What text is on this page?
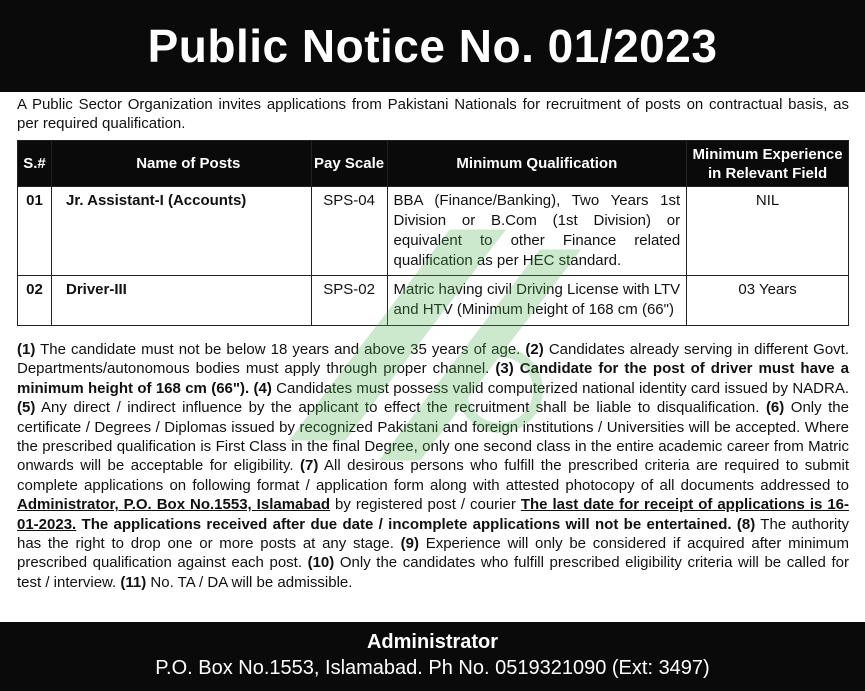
Public Notice No. 01/2023

A Public Sector Organization invites applications from Pakistani Nationals for recruitment of posts on contractual basis, as per required qualification.

S.#	Name of Posts	Pay Scale	Minimum Qualification	Minimum Experience in Relevant Field
01	Jr. Assistant-I (Accounts)	SPS-04	BBA (Finance/Banking), Two Years 1st Division or B.Com (1st Division) or equivalent to other Finance related qualification as per HEC standard.	NIL
02	Driver-III	SPS-02	Matric having civil Driving License with LTV and HTV (Minimum height of 168 cm (66")	03 Years

(1) The candidate must not be below 18 years and above 35 years of age. (2) Candidates already serving in different Govt. Departments/autonomous bodies must apply through proper channel. (3) Candidate for the post of driver must have a minimum height of 168 cm (66"). (4) Candidates must possess valid computerized national identity card issued by NADRA. (5) Any direct / indirect influence by the applicant to effect the recruitment shall be liable to disqualification. (6) Only the certificate / Degrees / Diplomas issued by recognized Pakistani and foreign institutions / Universities will be accepted. Where the prescribed qualification is First Class in the final Degree, only one second class in the entire academic career from Matric onwards will be acceptable for eligibility. (7) All desirous persons who fulfill the prescribed criteria are required to submit complete applications on following format / application form along with attested photocopy of all documents addressed to Administrator, P.O. Box No.1553, Islamabad by registered post / courier The last date for receipt of applications is 16-01-2023. The applications received after due date / incomplete applications will not be entertained. (8) The authority has the right to drop one or more posts at any stage. (9) Experience will only be considered if acquired after minimum prescribed qualification against each post. (10) Only the candidates who fulfill prescribed eligibility criteria will be called for test / interview. (11) No. TA / DA will be admissible.

Administrator
P.O. Box No.1553, Islamabad. Ph No. 0519321090 (Ext: 3497)
